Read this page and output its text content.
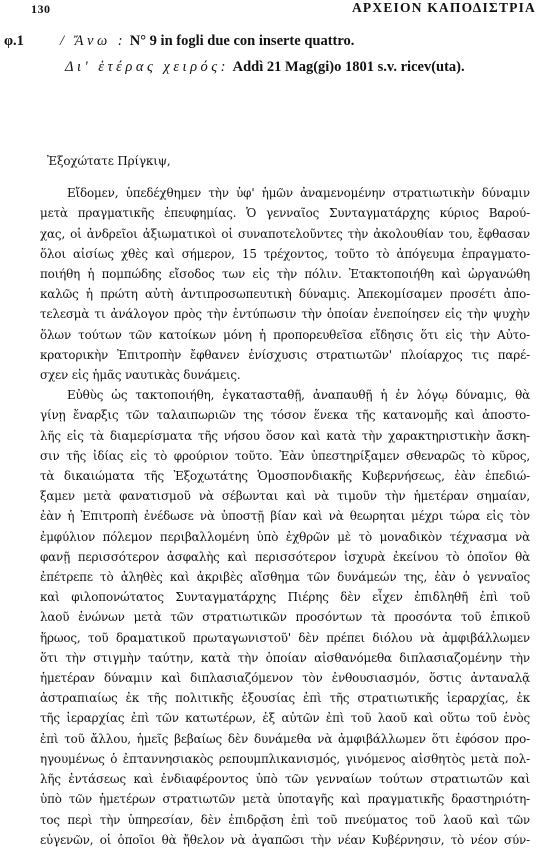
130	ΑΡΧΕΙΟΝ ΚΑΠΟΔΙΣΤΡΙΑ
φ.1 / Ἄνω : N° 9 in fogli due con inserte quattro.
Δι' ἑτέρας χειρός: Addì 21 Mag(gi)o 1801 s.v. ricev(uta).
Ἐξοχώτατε Πρίγκιψ,
Εἴδομεν, ὑπεδέχθημεν τὴν ὑφ' ἡμῶν ἀναμενομένην στρατιωτικὴν δύναμιν
μετὰ πραγματικῆς ἐπευφημίας. Ὁ γενναῖος Συνταγματάρχης κύριος Βαρού-
χας, οἱ ἀνδρεῖοι ἀξιωματικοὶ οἱ συναποτελοῦντες τὴν ἀκολουθίαν του, ἔφθασαν
ὅλοι αἰσίως χθὲς καὶ σήμερον, 15 τρέχοντος, τοῦτο τὸ ἀπόγευμα ἐπραγματο-
ποιήθη ἡ πομπώδης εἴσοδος των εἰς τὴν πόλιν. Ἐτακτοποιήθη καὶ ὠργανώθη
καλῶς ἡ πρώτη αὐτὴ ἀντιπροσωπευτικὴ δύναμις. Ἀπεκομίσαμεν προσέτι ἀπο-
τελεσμὰ τι ἀνάλογον πρὸς τὴν ἐντύπωσιν τὴν ὁποίαν ἐνεποίησεν εἰς τὴν ψυχὴν
ὅλων τούτων τῶν κατοίκων μόνη ἡ προπορευθεῖσα εἴδησις ὅτι εἰς τὴν Αὐτο-
κρατορικὴν Ἐπιτροπὴν ἔφθανεν ἐνίσχυσις στρατιωτῶν' πλοίαρχος τις παρέ-
σχεν εἰς ἡμᾶς ναυτικὰς δυνάμεις.
Εὐθὺς ὡς τακτοποιήθη, ἐγκατασταθῇ, ἀναπαυθῇ ἡ ἐν λόγῳ δύναμις, θὰ
γίνῃ ἔναρξις τῶν ταλαιπωριῶν της τόσον ἕνεκα τῆς κατανομῆς καὶ ἀποστο-
λῆς εἰς τὰ διαμερίσματα τῆς νήσου ὅσον καὶ κατὰ τὴν χαρακτηριστικὴν ἄσκη-
σιν τῆς ἰδίας εἰς τὸ φρούριον τοῦτο. Ἐὰν ὑπεστηρίξαμεν σθεναρῶς τὸ κῦρος,
τὰ δικαιώματα τῆς Ἐξοχωτάτης Ὁμοσπονδιακῆς Κυβερνήσεως, ἐὰν ἐπεδιώ-
ξαμεν μετὰ φανατισμοῦ νὰ σέβωνται καὶ νὰ τιμοῦν τὴν ἡμετέραν σημαίαν,
ἐὰν ἡ Ἐπιτροπὴ ἐνέδωσε νὰ ὑποστῇ βίαν καὶ νὰ θεωρηται μέχρι τώρα εἰς τὸν
ἐμφύλιον πόλεμον περιβαλλομένη ὑπὸ ἐχθρῶν μὲ τὸ μοναδικὸν τέχνασμα νὰ
φανῇ περισσότερον ἀσφαλὴς καὶ περισσότερον ἰσχυρὰ ἐκείνου τὸ ὁποῖον θὰ
ἐπέτρεπε τὸ ἀληθὲς καὶ ἀκριβὲς αἴσθημα τῶν δυνάμεών της, ἐὰν ὁ γενναῖος
καὶ φιλοπονώτατος Συνταγματάρχης Πιέρης δὲν εἶχεν ἐπιδληθῆ ἐπὶ τοῦ
λαοῦ ἑνώνων μετὰ τῶν στρατιωτικῶν προσόντων τὰ προσόντα τοῦ ἐπικοῦ
ἥρωος, τοῦ δραματικοῦ πρωταγωνιστοῦ' δὲν πρέπει διόλου νὰ ἀμφιβάλλωμεν
ὅτι τὴν στιγμὴν ταύτην, κατὰ τὴν ὁποίαν αἰσθανόμεθα διπλασιαζομένην τὴν
ἡμετέραν δύναμιν καὶ διπλασιαζόμενον τὸν ἐνθουσιασμόν, ὅστις ἀνταναλᾷ
ἀστραπιαίως ἐκ τῆς πολιτικῆς ἐξουσίας ἐπὶ τῆς στρατιωτικῆς ἱεραρχίας, ἐκ
τῆς ἱεραρχίας ἐπὶ τῶν κατωτέρων, ἐξ αὐτῶν ἐπὶ τοῦ λαοῦ καὶ οὕτω τοῦ ἑνὸς
ἐπὶ τοῦ ἄλλου, ἡμεῖς βεβαίως δὲν δυνάμεθα νὰ ἀμφιβάλλωμεν ὅτι ἐφόσον προ-
ηγουμένως ὁ ἐπταννησιακὸς ρεπουμπλικανισμός, γινόμενος αἰσθητὸς μετὰ πολ-
λῆς ἐντάσεως καὶ ἐνδιαφέροντος ὑπὸ τῶν γενναίων τούτων στρατιωτῶν καὶ
ὑπὸ τῶν ἡμετέρων στρατιωτῶν μετὰ ὑποταγῆς καὶ πραγματικῆς δραστηριότη-
τος περὶ τὴν ὑπηρεσίαν, δὲν ἐπιδρᾷση ἐπὶ τοῦ πνεύματος τοῦ λαοῦ καὶ τῶν
εὐγενῶν, οἱ ὁποῖοι θὰ ἤθελον νὰ ἀγαπῶσι τὴν νέαν Κυβέρνησιν, τὸ νέον σύν-
